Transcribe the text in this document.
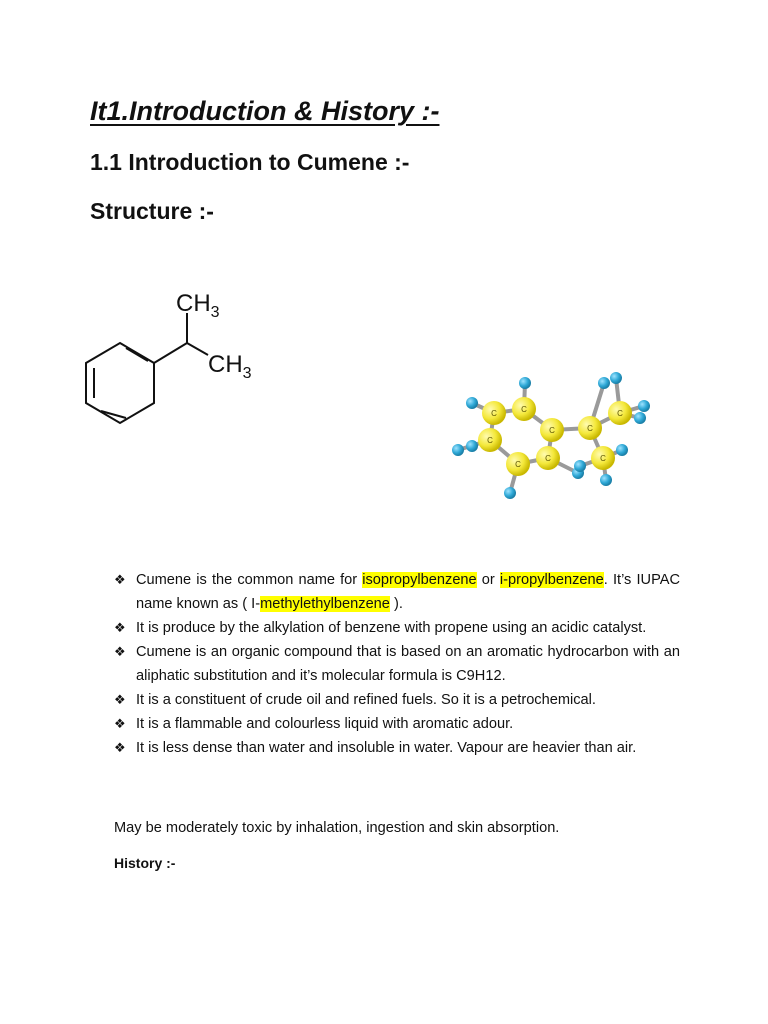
It1.Introduction & History :-
1.1 Introduction to Cumene :-
Structure :-
$CH_3$
$CH_3$
C
C
C
C
C
C
C
C
C
❖ Cumene is the common name for isopropylbenzene or i-propylbenzene. It’s IUPAC name known as ( I-methylethylbenzene ).
❖ It is produce by the alkylation of benzene with propene using an acidic catalyst.
❖ Cumene is an organic compound that is based on an aromatic hydrocarbon with an aliphatic substitution and it’s molecular formula is C9H12.
❖ It is a constituent of crude oil and refined fuels. So it is a petrochemical.
❖ It is a flammable and colourless liquid with aromatic adour.
❖ It is less dense than water and insoluble in water. Vapour are heavier than air.

May be moderately toxic by inhalation, ingestion and skin absorption.

History :-
